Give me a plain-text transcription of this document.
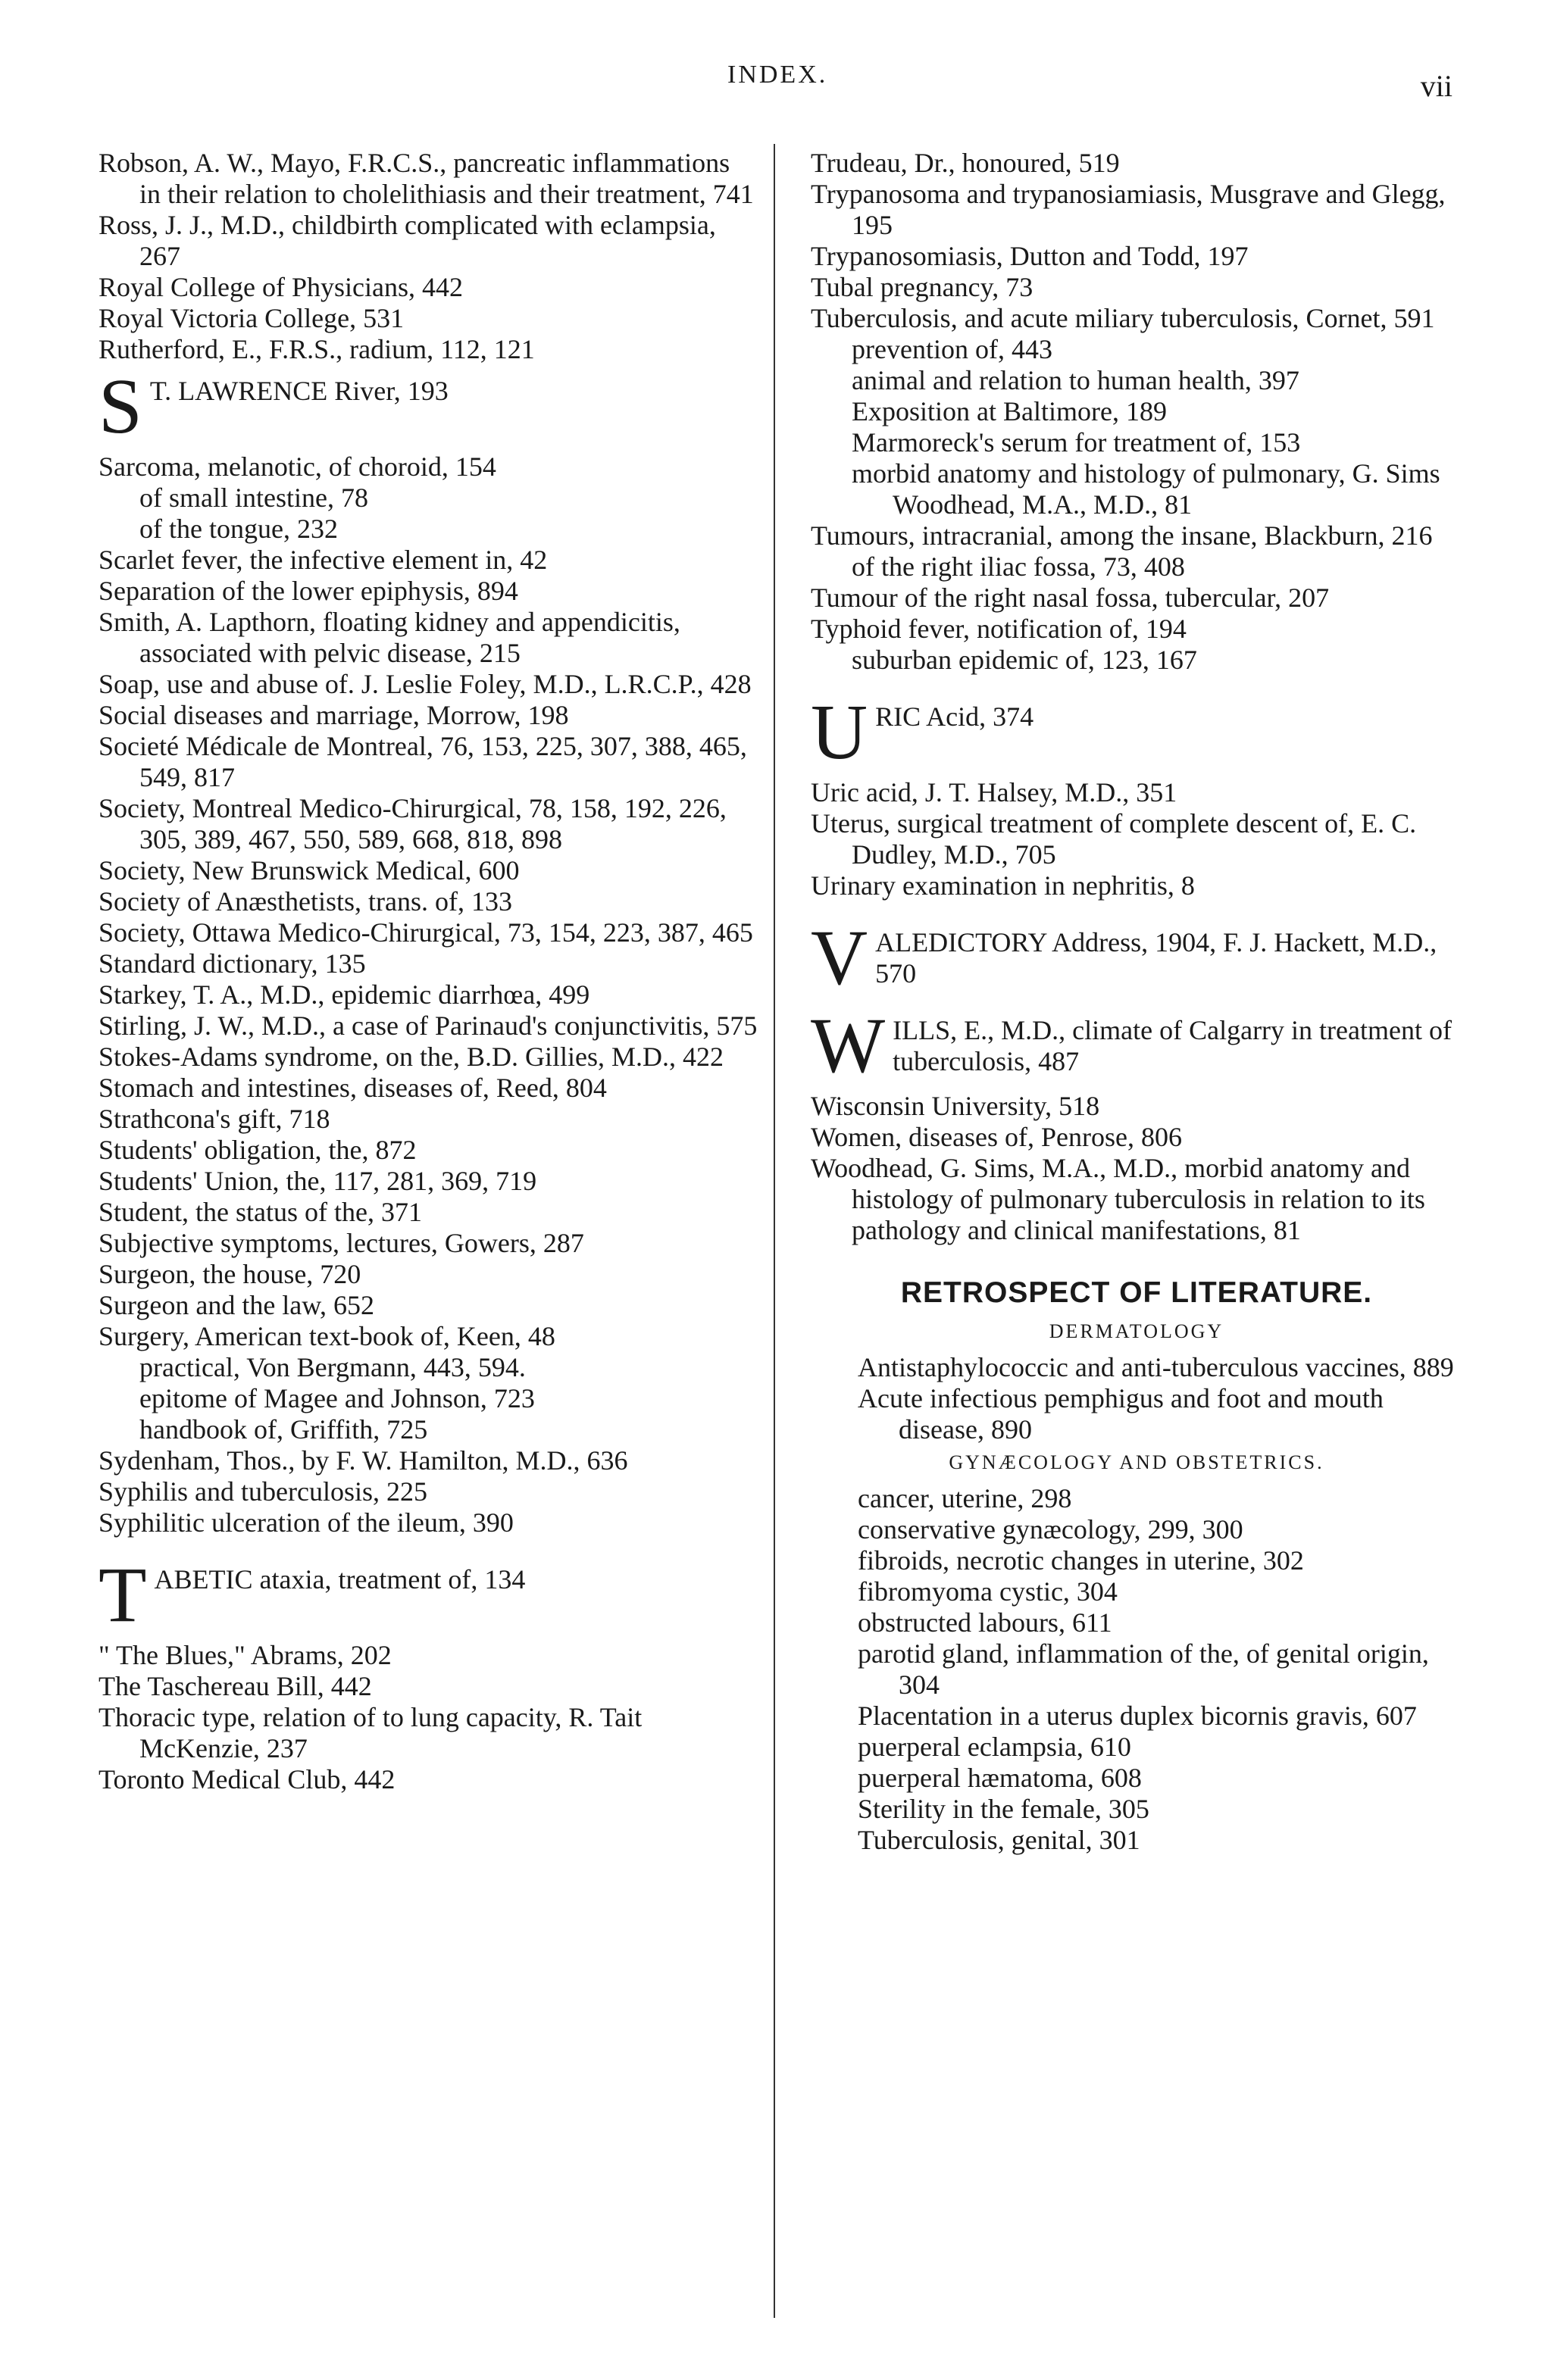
INDEX.	vii

Robson, A. W., Mayo, F.R.C.S., pancreatic inflammations in their relation to cholelithiasis and their treatment, 741

Ross, J. J., M.D., childbirth complicated with eclampsia, 267

Royal College of Physicians, 442

Royal Victoria College, 531

Rutherford, E., F.R.S., radium, 112, 121

S T. LAWRENCE River, 193

Sarcoma, melanotic, of choroid, 154

of small intestine, 78

of the tongue, 232

Scarlet fever, the infective element in, 42

Separation of the lower epiphysis, 894

Smith, A. Lapthorn, floating kidney and appendicitis, associated with pelvic disease, 215

Soap, use and abuse of. J. Leslie Foley, M.D., L.R.C.P., 428

Social diseases and marriage, Morrow, 198

Societé Médicale de Montreal, 76, 153, 225, 307, 388, 465, 549, 817

Society, Montreal Medico-Chirurgical, 78, 158, 192, 226, 305, 389, 467, 550, 589, 668, 818, 898

Society, New Brunswick Medical, 600

Society of Anæsthetists, trans. of, 133

Society, Ottawa Medico-Chirurgical, 73, 154, 223, 387, 465

Standard dictionary, 135

Starkey, T. A., M.D., epidemic diarrhœa, 499

Stirling, J. W., M.D., a case of Parinaud's conjunctivitis, 575

Stokes-Adams syndrome, on the, B.D. Gillies, M.D., 422

Stomach and intestines, diseases of, Reed, 804

Strathcona's gift, 718

Students' obligation, the, 872

Students' Union, the, 117, 281, 369, 719

Student, the status of the, 371

Subjective symptoms, lectures, Gowers, 287

Surgeon, the house, 720

Surgeon and the law, 652

Surgery, American text-book of, Keen, 48

practical, Von Bergmann, 443, 594.

epitome of Magee and Johnson, 723

handbook of, Griffith, 725

Sydenham, Thos., by F. W. Hamilton, M.D., 636

Syphilis and tuberculosis, 225

Syphilitic ulceration of the ileum, 390

T ABETIC ataxia, treatment of, 134

" The Blues," Abrams, 202

The Taschereau Bill, 442

Thoracic type, relation of to lung capacity, R. Tait McKenzie, 237

Toronto Medical Club, 442

Trudeau, Dr., honoured, 519

Trypanosoma and trypanosiamiasis, Musgrave and Glegg, 195

Trypanosomiasis, Dutton and Todd, 197

Tubal pregnancy, 73

Tuberculosis, and acute miliary tuberculosis, Cornet, 591

prevention of, 443

animal and relation to human health, 397

Exposition at Baltimore, 189

Marmoreck's serum for treatment of, 153

morbid anatomy and histology of pulmonary, G. Sims Woodhead, M.A., M.D., 81

Tumours, intracranial, among the insane, Blackburn, 216

of the right iliac fossa, 73, 408

Tumour of the right nasal fossa, tubercular, 207

Typhoid fever, notification of, 194

suburban epidemic of, 123, 167

U RIC Acid, 374

Uric acid, J. T. Halsey, M.D., 351

Uterus, surgical treatment of complete descent of, E. C. Dudley, M.D., 705

Urinary examination in nephritis, 8

V ALEDICTORY Address, 1904, F. J. Hackett, M.D., 570
W ILLS, E., M.D., climate of Calgarry in treatment of tuberculosis, 487

Wisconsin University, 518

Women, diseases of, Penrose, 806

Woodhead, G. Sims, M.A., M.D., morbid anatomy and histology of pulmonary tuberculosis in relation to its pathology and clinical manifestations, 81

RETROSPECT OF LITERATURE.
DERMATOLOGY

Antistaphylococcic and anti-tuberculous vaccines, 889

Acute infectious pemphigus and foot and mouth disease, 890

GYNÆCOLOGY AND OBSTETRICS.

cancer, uterine, 298

conservative gynæcology, 299, 300

fibroids, necrotic changes in uterine, 302

fibromyoma cystic, 304

obstructed labours, 611

parotid gland, inflammation of the, of genital origin, 304

Placentation in a uterus duplex bicornis gravis, 607

puerperal eclampsia, 610

puerperal hæmatoma, 608

Sterility in the female, 305

Tuberculosis, genital, 301
